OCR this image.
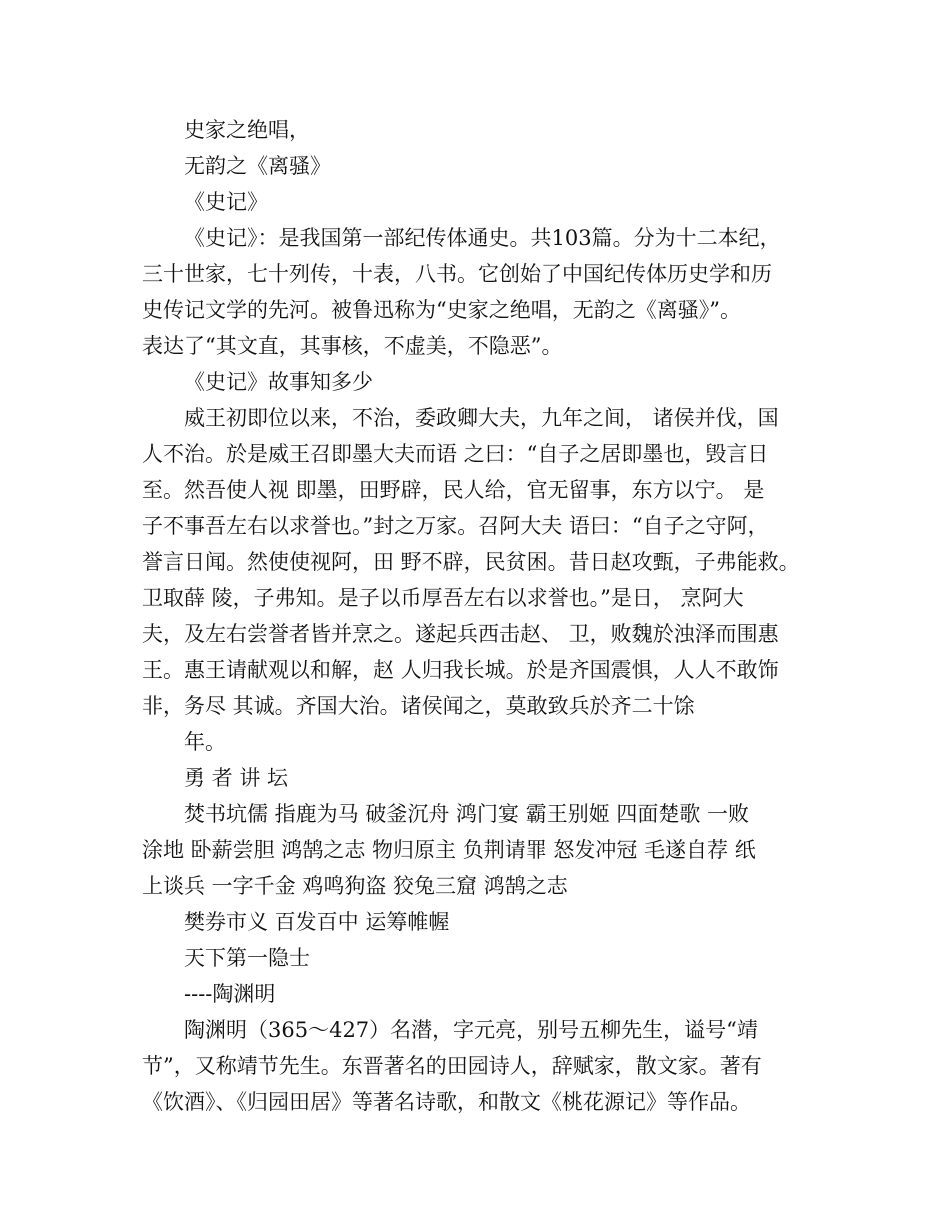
史家之绝唱，
无韵之《离骚》
《史记》
《史记》：是我国第一部纪传体通史。共103篇。分为十二本纪，
三十世家，七十列传，十表，八书。它创始了中国纪传体历史学和历
史传记文学的先河。被鲁迅称为“史家之绝唱，无韵之《离骚》”。
表达了“其文直，其事核，不虚美，不隐恶”。
《史记》故事知多少
威王初即位以来，不治，委政卿大夫，九年之间， 诸侯并伐，国
人不治。於是威王召即墨大夫而语 之曰：“自子之居即墨也，毁言日
至。然吾使人视 即墨，田野辟，民人给，官无留事，东方以宁。 是
子不事吾左右以求誉也。”封之万家。召阿大夫 语曰：“自子之守阿，
誉言日闻。然使使视阿，田 野不辟，民贫困。昔日赵攻甄，子弗能救。
卫取薛 陵，子弗知。是子以币厚吾左右以求誉也。”是日， 烹阿大
夫，及左右尝誉者皆并烹之。遂起兵西击赵、 卫，败魏於浊泽而围惠
王。惠王请献观以和解，赵 人归我长城。於是齐国震惧，人人不敢饰
非，务尽 其诚。齐国大治。诸侯闻之，莫敢致兵於齐二十馀
年。
勇 者 讲 坛
焚书坑儒 指鹿为马 破釜沉舟 鸿门宴 霸王别姬 四面楚歌 一败
涂地 卧薪尝胆 鸿鹄之志 物归原主 负荆请罪 怒发冲冠 毛遂自荐 纸
上谈兵 一字千金 鸡鸣狗盗 狡兔三窟 鸿鹄之志
樊券市义 百发百中 运筹帷幄
天下第一隐士
----陶渊明
陶渊明（365～427）名潜，字元亮，别号五柳先生，谥号“靖
节”，又称靖节先生。东晋著名的田园诗人，辞赋家，散文家。著有
《饮酒》、《归园田居》等著名诗歌，和散文《桃花源记》等作品。
